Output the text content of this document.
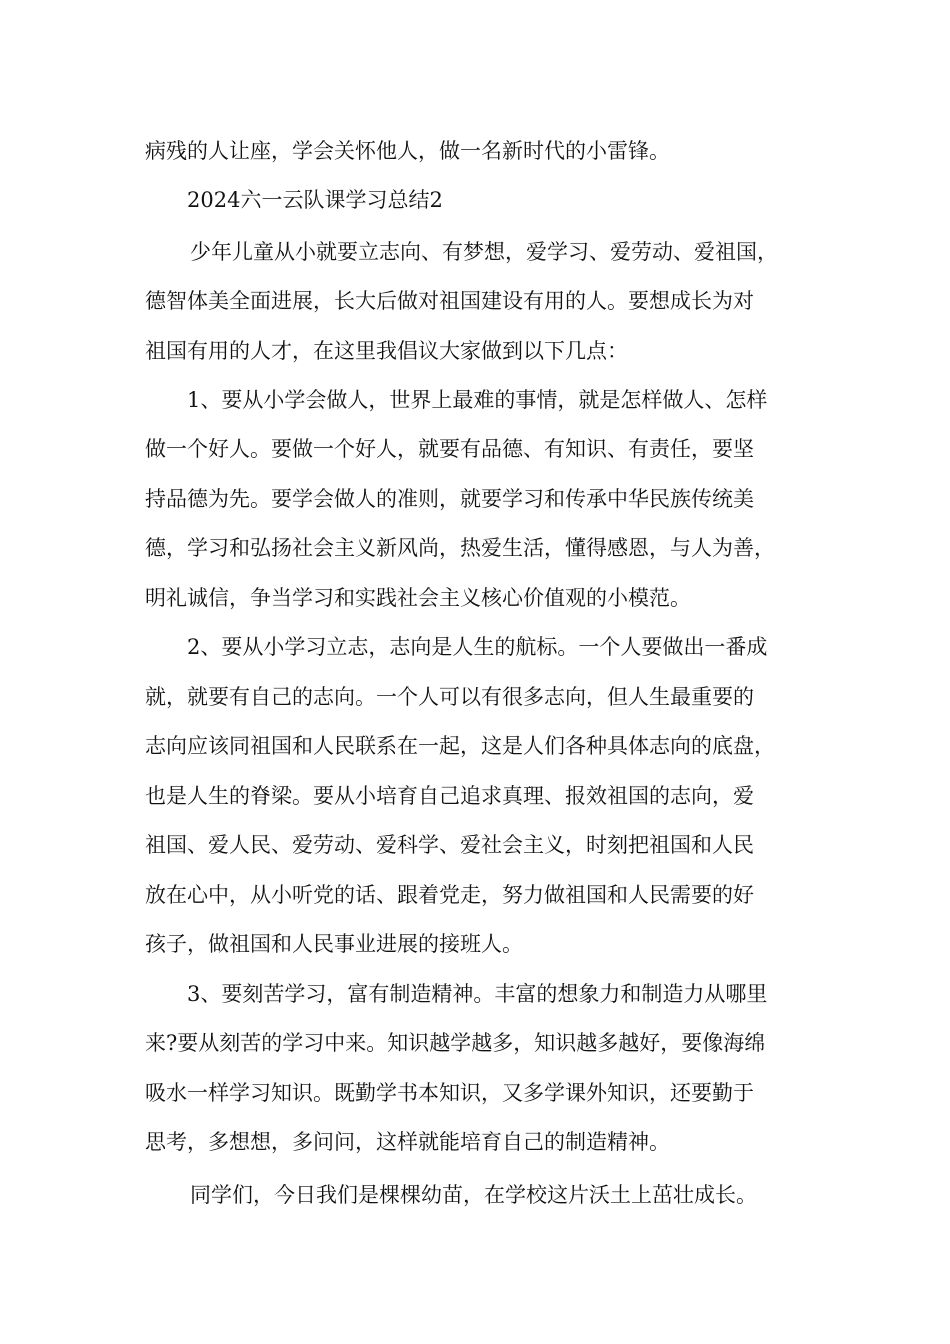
病残的人让座，学会关怀他人，做一名新时代的小雷锋。
2024六一云队课学习总结2
少年儿童从小就要立志向、有梦想，爱学习、爱劳动、爱祖国，
德智体美全面进展，长大后做对祖国建设有用的人。要想成长为对
祖国有用的人才，在这里我倡议大家做到以下几点：
1、要从小学会做人，世界上最难的事情，就是怎样做人、怎样
做一个好人。要做一个好人，就要有品德、有知识、有责任，要坚
持品德为先。要学会做人的准则，就要学习和传承中华民族传统美
德，学习和弘扬社会主义新风尚，热爱生活，懂得感恩，与人为善，
明礼诚信，争当学习和实践社会主义核心价值观的小模范。
2、要从小学习立志，志向是人生的航标。一个人要做出一番成
就，就要有自己的志向。一个人可以有很多志向，但人生最重要的
志向应该同祖国和人民联系在一起，这是人们各种具体志向的底盘，
也是人生的脊梁。要从小培育自己追求真理、报效祖国的志向，爱
祖国、爱人民、爱劳动、爱科学、爱社会主义，时刻把祖国和人民
放在心中，从小听党的话、跟着党走，努力做祖国和人民需要的好
孩子，做祖国和人民事业进展的接班人。
3、要刻苦学习，富有制造精神。丰富的想象力和制造力从哪里
来?要从刻苦的学习中来。知识越学越多，知识越多越好，要像海绵
吸水一样学习知识。既勤学书本知识，又多学课外知识，还要勤于
思考，多想想，多问问，这样就能培育自己的制造精神。
同学们，今日我们是棵棵幼苗，在学校这片沃土上茁壮成长。
